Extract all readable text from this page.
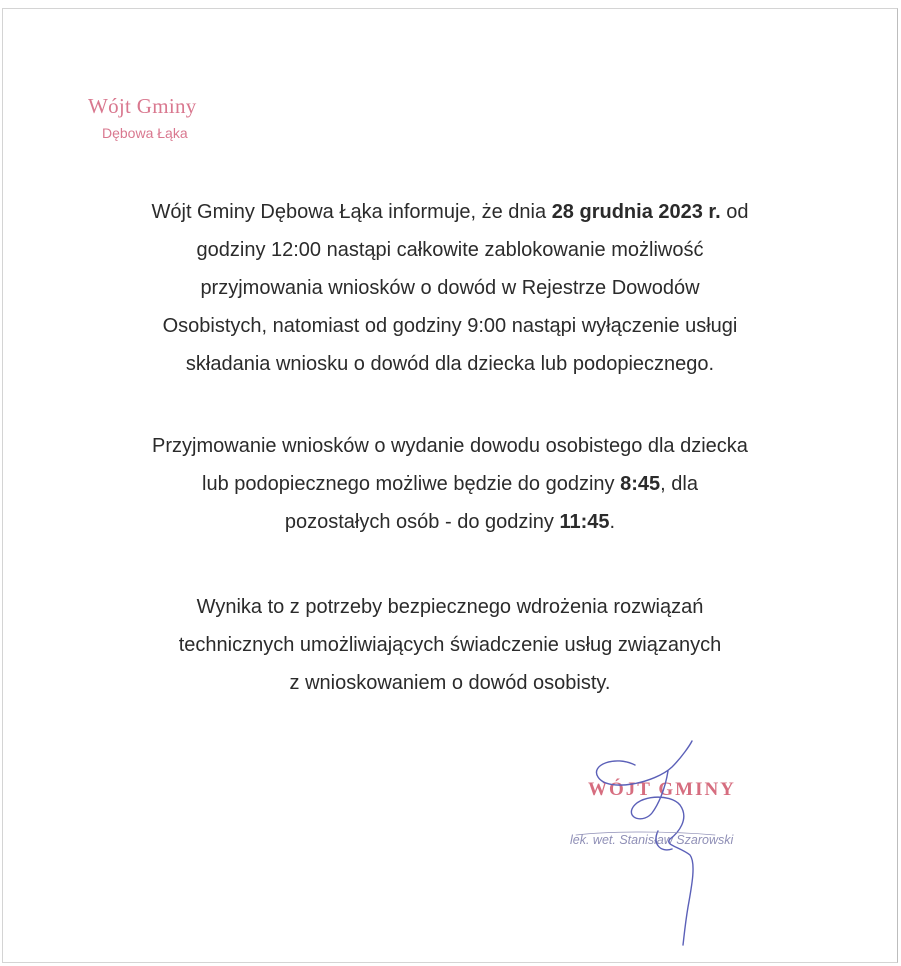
Wójt Gminy
Dębowa Łąka

Wójt Gminy Dębowa Łąka informuje, że dnia 28 grudnia 2023 r. od

godziny 12:00 nastąpi całkowite zablokowanie możliwość

przyjmowania wniosków o dowód w Rejestrze Dowodów

Osobistych, natomiast od godziny 9:00 nastąpi wyłączenie usługi

składania wniosku o dowód dla dziecka lub podopiecznego.

Przyjmowanie wniosków o wydanie dowodu osobistego dla dziecka

lub podopiecznego możliwe będzie do godziny 8:45, dla

pozostałych osób - do godziny 11:45.

Wynika to z potrzeby bezpiecznego wdrożenia rozwiązań

technicznych umożliwiających świadczenie usług związanych

z wnioskowaniem o dowód osobisty.

WÓJT GMINY
lek. wet. Stanisław Szarowski
